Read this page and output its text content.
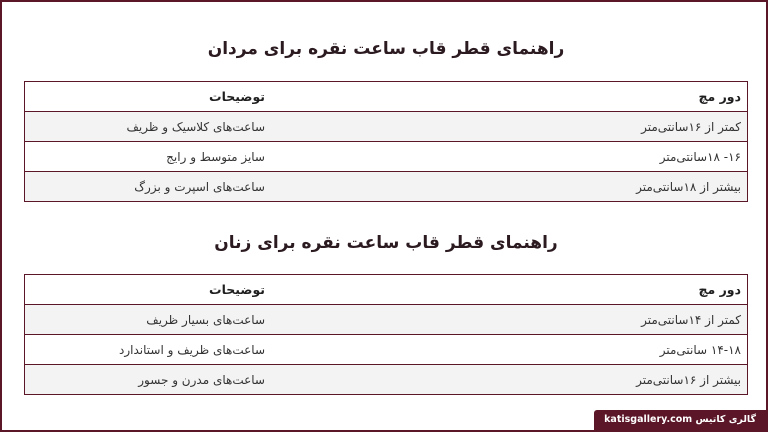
راهنمای قطر قاب ساعت نقره برای مردان
دور مچ	توضیحات
کمتر از ۱۶سانتی‌متر	ساعت‌های کلاسیک و ظریف
۱۶- ۱۸سانتی‌متر	سایز متوسط و رایج
بیشتر از ۱۸سانتی‌متر	ساعت‌های اسپرت و بزرگ
راهنمای قطر قاب ساعت نقره برای زنان
دور مچ	توضیحات
کمتر از ۱۴سانتی‌متر	ساعت‌های بسیار ظریف
۱۴-۱۸ سانتی‌متر	ساعت‌های ظریف و استاندارد
بیشتر از ۱۶سانتی‌متر	ساعت‌های مدرن و جسور
گالری کاتیس katisgallery.com
